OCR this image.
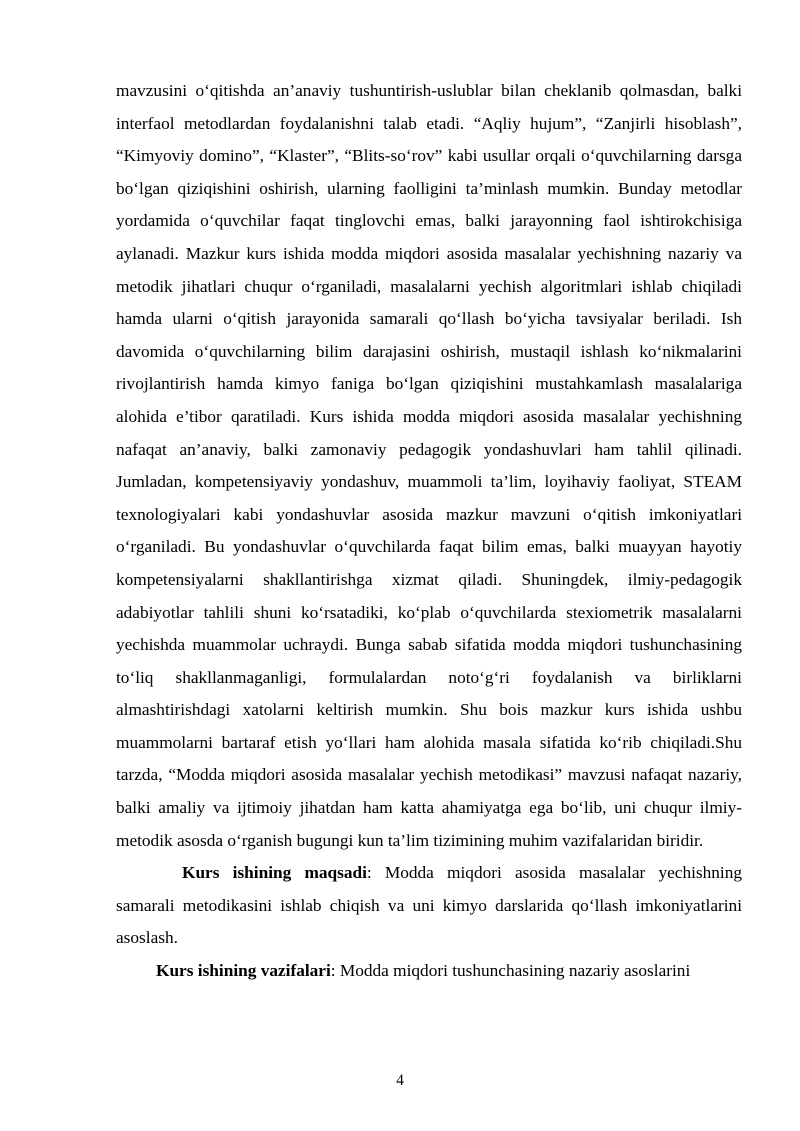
mavzusini o‘qitishda an’anaviy tushuntirish-uslublar bilan cheklanib qolmasdan, balki interfaol metodlardan foydalanishni talab etadi. “Aqliy hujum”, “Zanjirli hisoblash”, “Kimyoviy domino”, “Klaster”, “Blits-so‘rov” kabi usullar orqali o‘quvchilarning darsga bo‘lgan qiziqishini oshirish, ularning faolligini ta’minlash mumkin. Bunday metodlar yordamida o‘quvchilar faqat tinglovchi emas, balki jarayonning faol ishtirokchisiga aylanadi. Mazkur kurs ishida modda miqdori asosida masalalar yechishning nazariy va metodik jihatlari chuqur o‘rganiladi, masalalarni yechish algoritmlari ishlab chiqiladi hamda ularni o‘qitish jarayonida samarali qo‘llash bo‘yicha tavsiyalar beriladi. Ish davomida o‘quvchilarning bilim darajasini oshirish, mustaqil ishlash ko‘nikmalarini rivojlantirish hamda kimyo faniga bo‘lgan qiziqishini mustahkamlash masalalariga alohida e’tibor qaratiladi. Kurs ishida modda miqdori asosida masalalar yechishning nafaqat an’anaviy, balki zamonaviy pedagogik yondashuvlari ham tahlil qilinadi. Jumladan, kompetensiyaviy yondashuv, muammoli ta’lim, loyihaviy faoliyat, STEAM texnologiyalari kabi yondashuvlar asosida mazkur mavzuni o‘qitish imkoniyatlari o‘rganiladi. Bu yondashuvlar o‘quvchilarda faqat bilim emas, balki muayyan hayotiy kompetensiyalarni shakllantirishga xizmat qiladi. Shuningdek, ilmiy-pedagogik adabiyotlar tahlili shuni ko‘rsatadiki, ko‘plab o‘quvchilarda stexiometrik masalalarni yechishda muammolar uchraydi. Bunga sabab sifatida modda miqdori tushunchasining to‘liq shakllanmaganligi, formulalardan noto‘g‘ri foydalanish va birliklarni almashtirishdagi xatolarni keltirish mumkin. Shu bois mazkur kurs ishida ushbu muammolarni bartaraf etish yo‘llari ham alohida masala sifatida ko‘rib chiqiladi.Shu tarzda, “Modda miqdori asosida masalalar yechish metodikasi” mavzusi nafaqat nazariy, balki amaliy va ijtimoiy jihatdan ham katta ahamiyatga ega bo‘lib, uni chuqur ilmiy-metodik asosda o‘rganish bugungi kun ta’lim tizimining muhim vazifalaridan biridir.

Kurs ishining maqsadi: Modda miqdori asosida masalalar yechishning samarali metodikasini ishlab chiqish va uni kimyo darslarida qo‘llash imkoniyatlarini asoslash.

Kurs ishining vazifalari: Modda miqdori tushunchasining nazariy asoslarini

4
